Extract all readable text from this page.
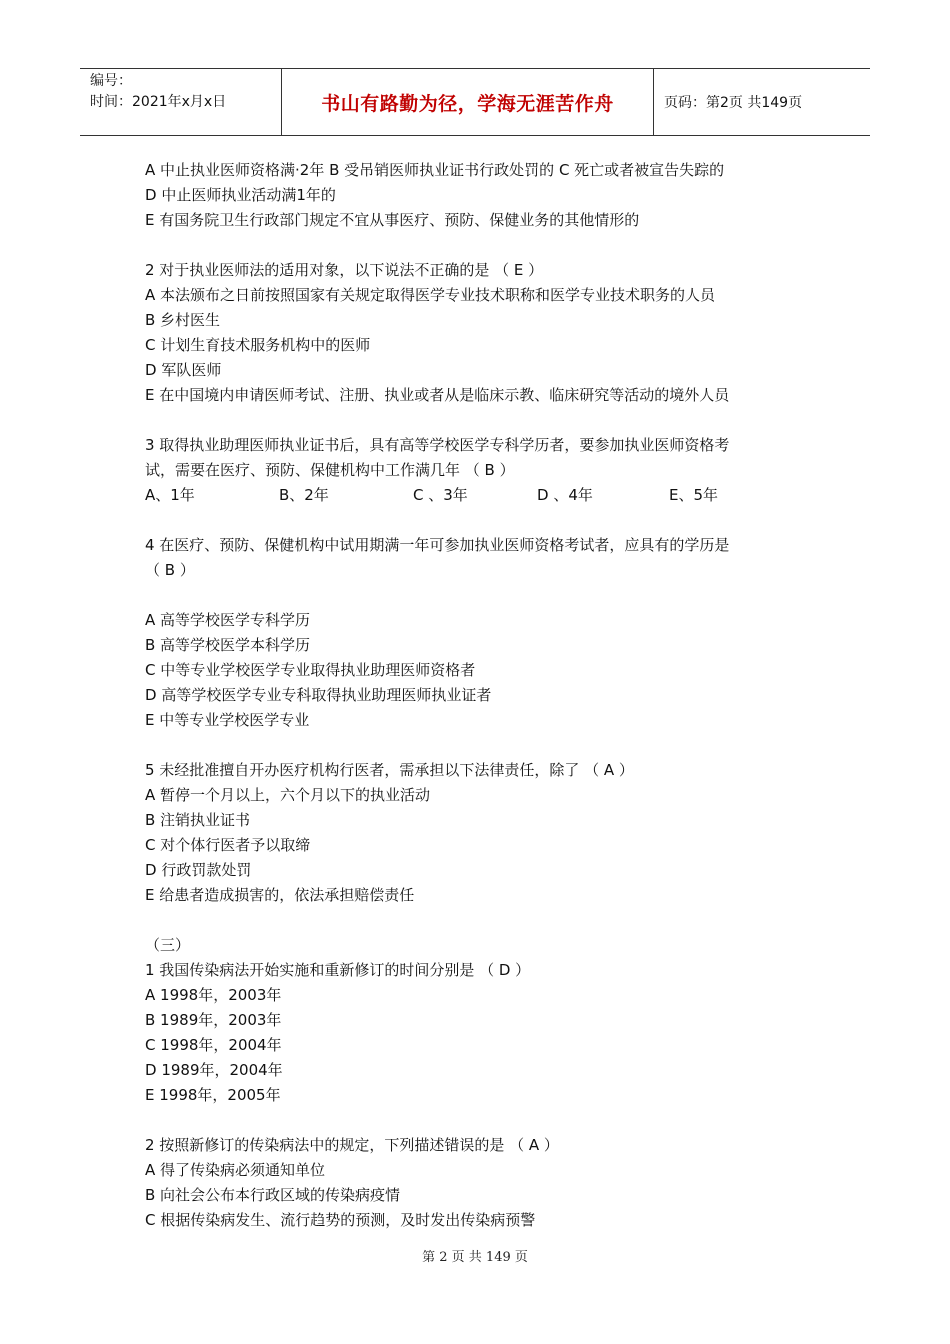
编号：
时间：2021年x月x日	书山有路勤为径，学海无涯苦作舟	页码：第2页 共149页
A 中止执业医师资格满·2年 B 受吊销医师执业证书行政处罚的 C 死亡或者被宣告失踪的
D 中止医师执业活动满1年的
E 有国务院卫生行政部门规定不宜从事医疗、预防、保健业务的其他情形的
2 对于执业医师法的适用对象，以下说法不正确的是 （ E ）
A 本法颁布之日前按照国家有关规定取得医学专业技术职称和医学专业技术职务的人员
B 乡村医生
C 计划生育技术服务机构中的医师
D 军队医师
E 在中国境内申请医师考试、注册、执业或者从是临床示教、临床研究等活动的境外人员
3 取得执业助理医师执业证书后，具有高等学校医学专科学历者，要参加执业医师资格考
试，需要在医疗、预防、保健机构中工作满几年 （ B ）
A、1年	B、2年	C 、3年	D 、4年	E、5年
4 在医疗、预防、保健机构中试用期满一年可参加执业医师资格考试者，应具有的学历是
（ B ）
A 高等学校医学专科学历
B 高等学校医学本科学历
C 中等专业学校医学专业取得执业助理医师资格者
D 高等学校医学专业专科取得执业助理医师执业证者
E 中等专业学校医学专业
5 未经批准擅自开办医疗机构行医者，需承担以下法律责任，除了 （ A ）
A 暂停一个月以上，六个月以下的执业活动
B 注销执业证书
C 对个体行医者予以取缔
D 行政罚款处罚
E 给患者造成损害的，依法承担赔偿责任
（三）
1 我国传染病法开始实施和重新修订的时间分别是 （ D ）
A 1998年，2003年
B 1989年，2003年
C 1998年，2004年
D 1989年，2004年
E 1998年，2005年
2 按照新修订的传染病法中的规定，下列描述错误的是 （ A ）
A 得了传染病必须通知单位
B 向社会公布本行政区域的传染病疫情
C 根据传染病发生、流行趋势的预测，及时发出传染病预警
第 2 页 共 149 页
